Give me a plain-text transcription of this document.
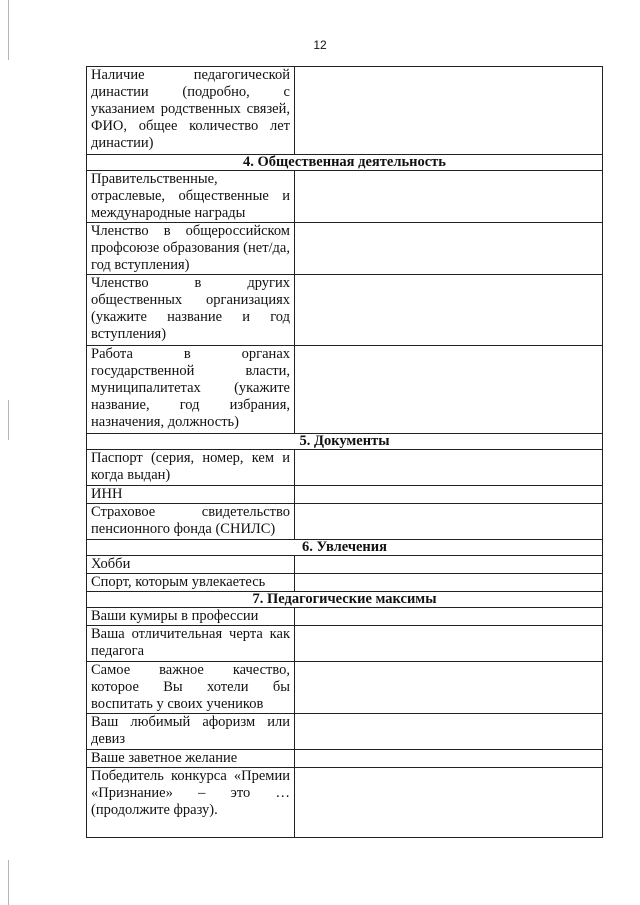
12
Наличие педагогической династии (подробно, с указанием родственных связей, ФИО, общее количество лет династии)	
4. Общественная деятельность	
Правительственные, отраслевые, общественные и международные награды	
Членство в общероссийском профсоюзе образования (нет/да, год вступления)	
Членство в других общественных организациях (укажите название и год вступления)	
Работа в органах государственной власти, муниципалитетах (укажите название, год избрания, назначения, должность)	
5. Документы	
Паспорт (серия, номер, кем и когда выдан)	
ИНН	
Страховое свидетельство пенсионного фонда (СНИЛС)	
6. Увлечения	
Хобби	
Спорт, которым увлекаетесь	
7. Педагогические максимы	
Ваши кумиры в профессии	
Ваша отличительная черта как педагога	
Самое важное качество, которое Вы хотели бы воспитать у своих учеников	
Ваш любимый афоризм или девиз	
Ваше заветное желание	
Победитель конкурса «Премии «Признание» – это … (продолжите фразу).	
